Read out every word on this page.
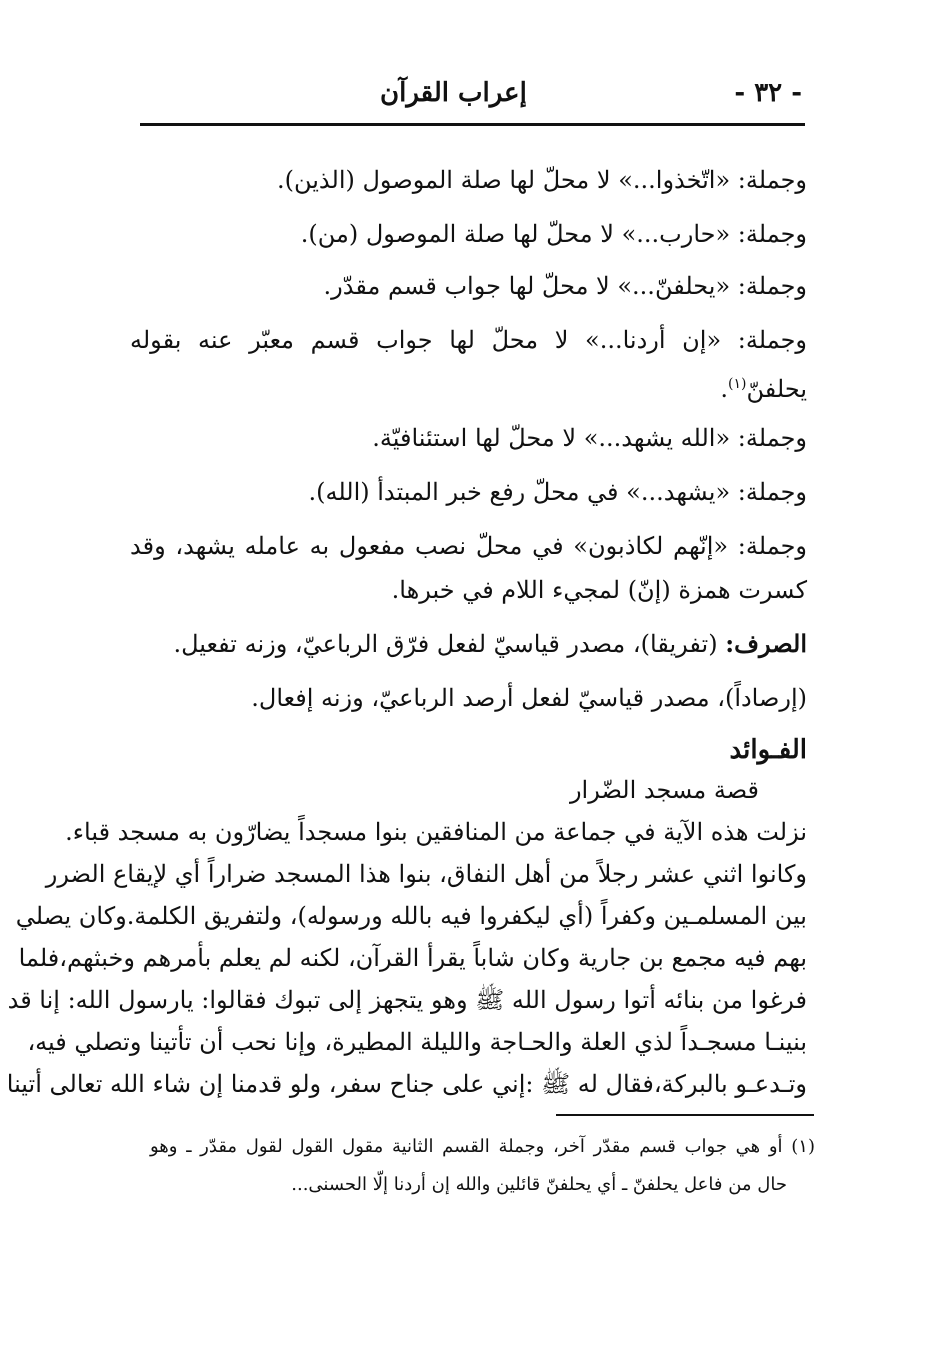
- ٣٢ -
إعراب القرآن
وجملة: «اتّخذوا...» لا محلّ لها صلة الموصول (الذين).
وجملة: «حارب...» لا محلّ لها صلة الموصول (من).
وجملة: «يحلفنّ...» لا محلّ لها جواب قسم مقدّر.
وجملة: «إن أردنا...» لا محلّ لها جواب قسم معبّر عنه بقوله
يحلفنّ$^{(١)}$.
وجملة: «الله يشهد...» لا محلّ لها استئنافيّة.
وجملة: «يشهد...» في محلّ رفع خبر المبتدأ (الله).
وجملة: «إنّهم لكاذبون» في محلّ نصب مفعول به عامله يشهد، وقد
كسرت همزة (إنّ) لمجيء اللام في خبرها.
الصرف: (تفريقا)، مصدر قياسيّ لفعل فرّق الرباعيّ، وزنه تفعيل.
(إرصاداً)، مصدر قياسيّ لفعل أرصد الرباعيّ، وزنه إفعال.
الفـوائد
قصة مسجد الضّرار
نزلت هذه الآية في جماعة من المنافقين بنوا مسجداً يضارّون به مسجد قباء.
وكانوا اثني عشر رجلاً من أهل النفاق، بنوا هذا المسجد ضراراً أي لإيقاع الضرر
بين المسلمـين وكفراً (أي ليكفروا فيه بالله ورسوله)، ولتفريق الكلمة.وكان يصلي
بهم فيه مجمع بن جارية وكان شاباً يقرأ القرآن، لكنه لم يعلم بأمرهم وخبثهم،فلما
فرغوا من بنائه أتوا رسول الله ﷺ وهو يتجهز إلى تبوك فقالوا: يارسول الله: إنا قد
بنينـا مسجـداً لذي العلة والحـاجة والليلة المطيرة، وإنا نحب أن تأتينا وتصلي فيه،
وتـدعـو بالبركة،فقال له ﷺ :إني على جناح سفر، ولو قدمنا إن شاء الله تعالى أتينا
(١) أو هي جواب قسم مقدّر آخر، وجملة القسم الثانية مقول القول لقول مقدّر ـ وهو
حال من فاعل يحلفنّ ـ أي يحلفنّ قائلين والله إن أردنا إلّا الحسنى...
